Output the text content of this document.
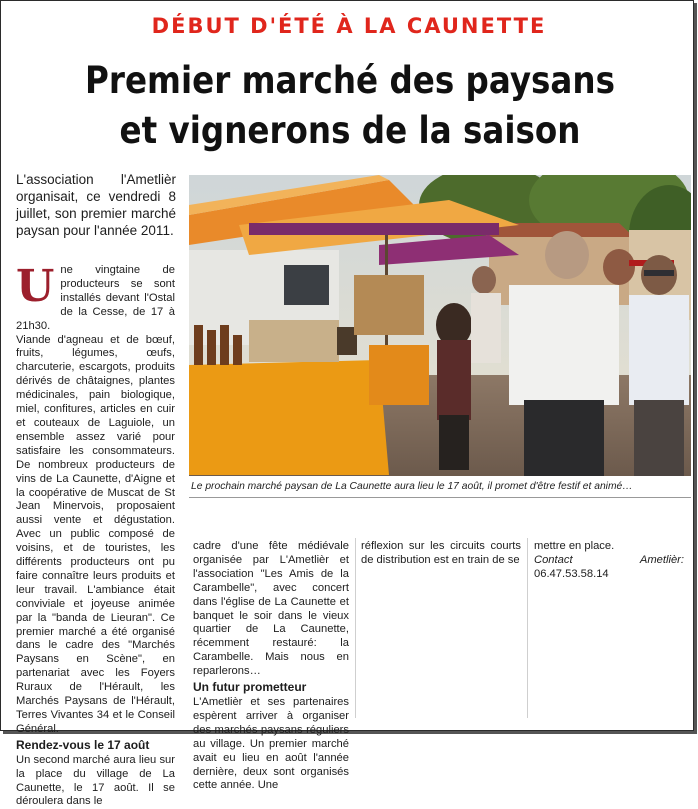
DÉBUT D'ÉTÉ À LA CAUNETTE
Premier marché des paysans
et vignerons de la saison
L'association l'Ametlièr organisait, ce vendredi 8 juillet, son premier marché paysan pour l'année 2011.
U ne vingtaine de producteurs se sont installés devant l'Ostal de la Cesse, de 17 à 21h30.

Viande d'agneau et de bœuf, fruits, légumes, œufs, charcuterie, escargots, produits dérivés de châtaignes, plantes médicinales, pain biologique, miel, confitures, articles en cuir et couteaux de Laguiole, un ensemble assez varié pour satisfaire les consommateurs. De nombreux producteurs de vins de La Caunette, d'Aigne et la coopérative de Muscat de St Jean Minervois, proposaient aussi vente et dégustation. Avec un public composé de voisins, et de touristes, les différents producteurs ont pu faire connaître leurs produits et leur travail. L'ambiance était conviviale et joyeuse animée par la "banda de Lieuran". Ce premier marché a été organisé dans le cadre des "Marchés Paysans en Scène", en partenariat avec les Foyers Ruraux de l'Hérault, les Marchés Paysans de l'Hérault, Terres Vivantes 34 et le Conseil Général.

Rendez-vous le 17 août

Un second marché aura lieu sur la place du village de La Caunette, le 17 août. Il se déroulera dans le

Le prochain marché paysan de La Caunette aura lieu le 17 août, il promet d'être festif et animé…

cadre d'une fête médiévale organisée par L'Ametlièr et l'association "Les Amis de la Carambelle", avec concert dans l'église de La Caunette et banquet le soir dans le vieux quartier de La Caunette, récemment restauré: la Carambelle. Mais nous en reparlerons…

Un futur prometteur

L'Ametlièr et ses partenaires espèrent arriver à organiser des marchés paysans réguliers au village. Un premier marché avait eu lieu en août l'année dernière, deux sont organisés cette année. Une

réflexion sur les circuits courts de distribution est en train de se

mettre en place.

Contact Ametlièr: 06.47.53.58.14
